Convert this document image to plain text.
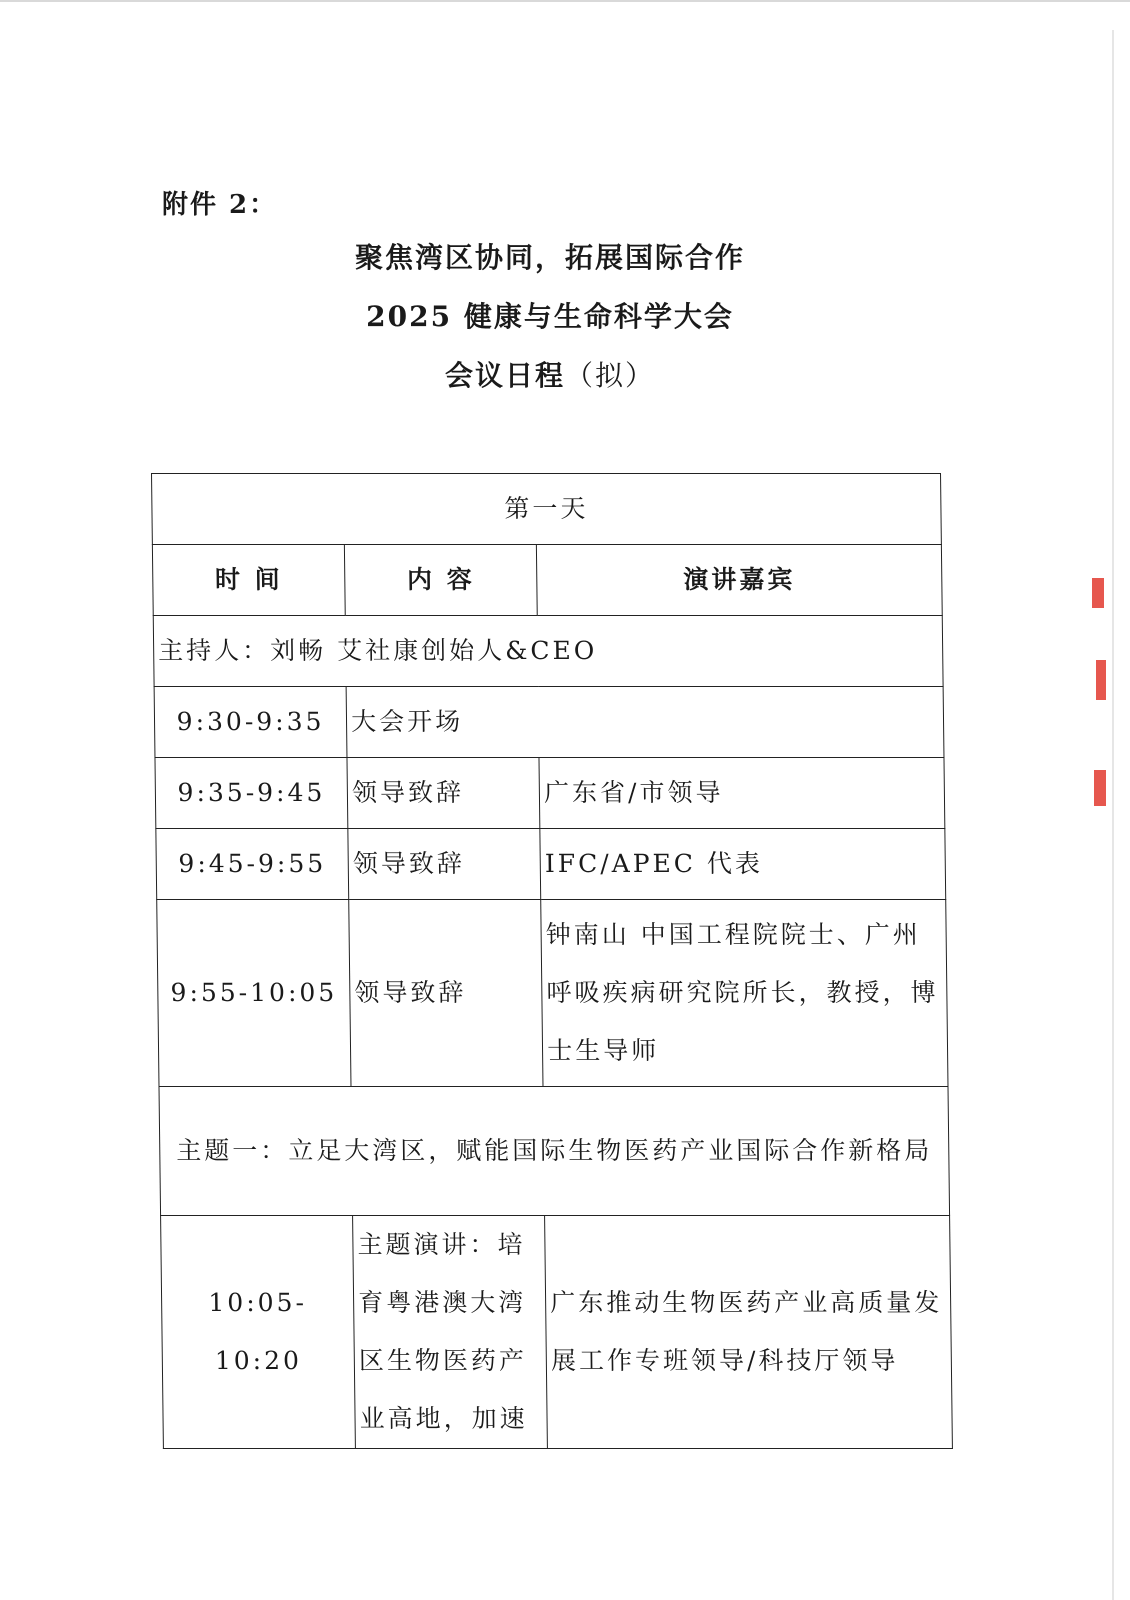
附件 2：
聚焦湾区协同，拓展国际合作
2025 健康与生命科学大会
会议日程（拟）
第一天		
时 间	内 容	演讲嘉宾
主持人：刘畅 艾社康创始人&CEO		
9:30-9:35	大会开场	
9:35-9:45	领导致辞	广东省/市领导
9:45-9:55	领导致辞	IFC/APEC 代表
9:55-10:05	领导致辞	钟南山 中国工程院院士、广州呼吸疾病研究院所长，教授，博士生导师
主题一：立足大湾区，赋能国际生物医药产业国际合作新格局		
10:05-10:20	主题演讲：培育粤港澳大湾区生物医药产业高地，加速	广东推动生物医药产业高质量发展工作专班领导/科技厅领导
